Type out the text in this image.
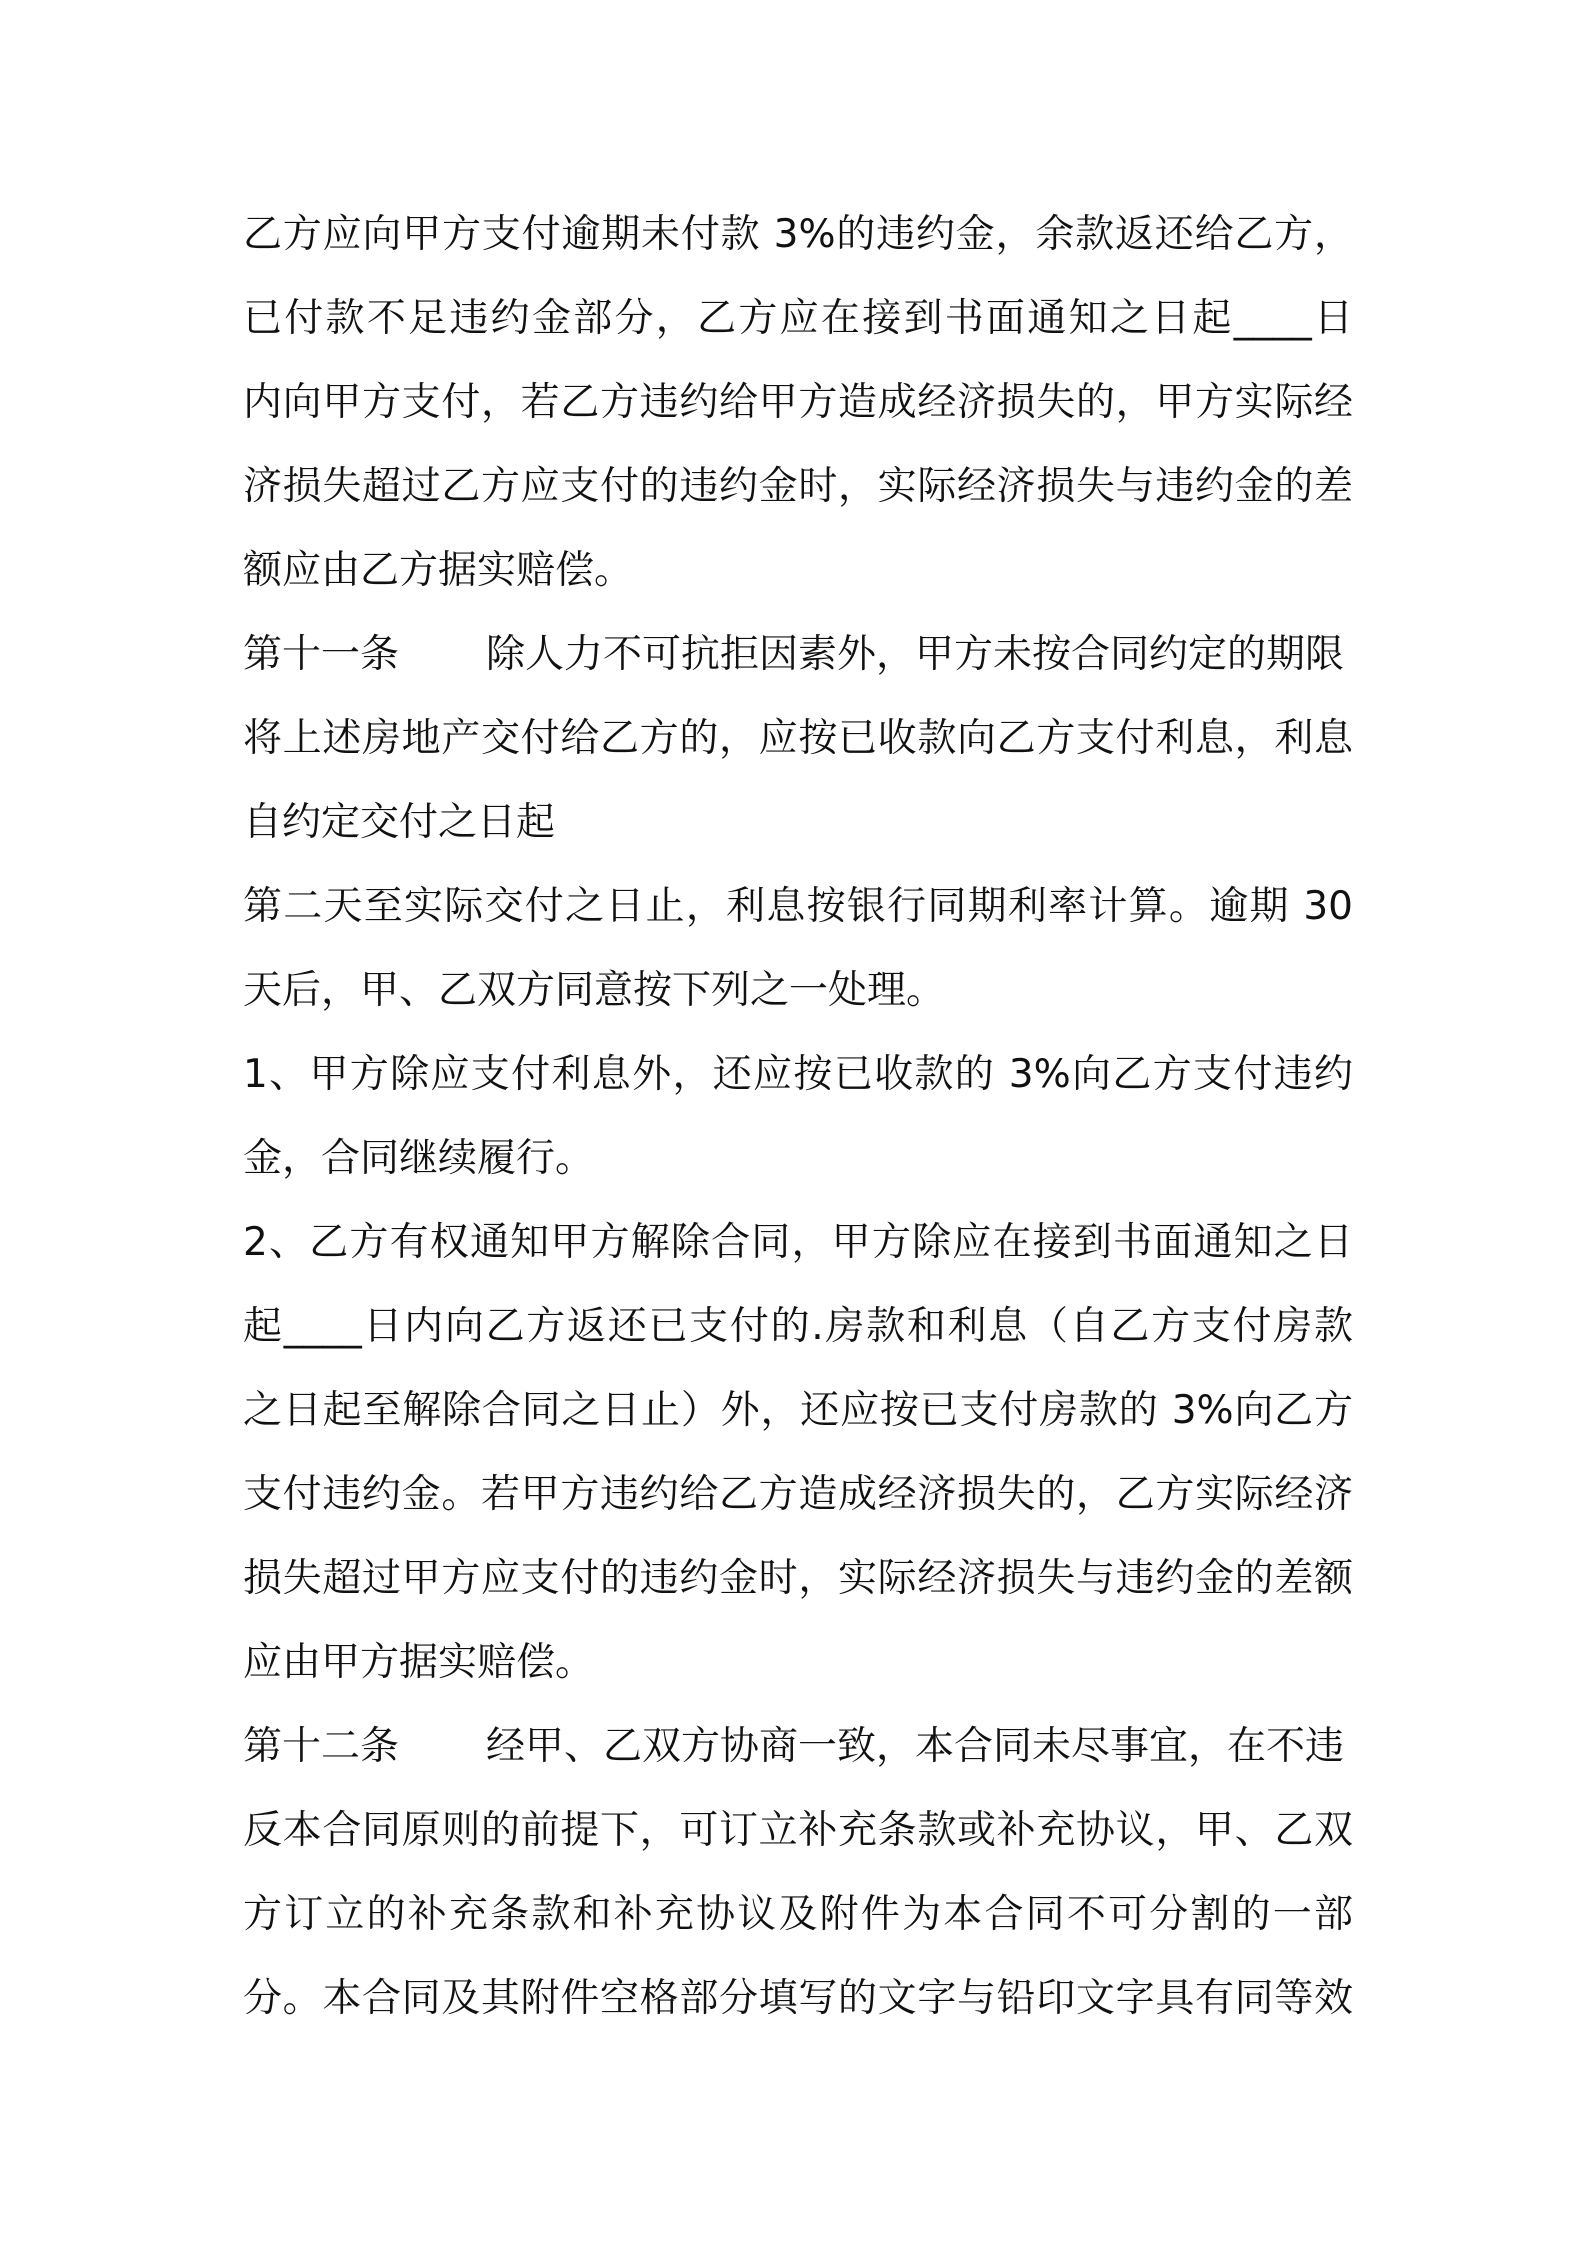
乙方应向甲方支付逾期未付款 3%的违约金，余款返还给乙方，
已付款不足违约金部分，乙方应在接到书面通知之日起____日
内向甲方支付，若乙方违约给甲方造成经济损失的，甲方实际经
济损失超过乙方应支付的违约金时，实际经济损失与违约金的差
额应由乙方据实赔偿。
第十一条 除人力不可抗拒因素外，甲方未按合同约定的期限
将上述房地产交付给乙方的，应按已收款向乙方支付利息，利息
自约定交付之日起
第二天至实际交付之日止，利息按银行同期利率计算。逾期 30
天后，甲、乙双方同意按下列之一处理。
1、甲方除应支付利息外，还应按已收款的 3%向乙方支付违约
金，合同继续履行。
2、乙方有权通知甲方解除合同，甲方除应在接到书面通知之日
起____日内向乙方返还已支付的.房款和利息（自乙方支付房款
之日起至解除合同之日止）外，还应按已支付房款的 3%向乙方
支付违约金。若甲方违约给乙方造成经济损失的，乙方实际经济
损失超过甲方应支付的违约金时，实际经济损失与违约金的差额
应由甲方据实赔偿。
第十二条 经甲、乙双方协商一致，本合同未尽事宜，在不违
反本合同原则的前提下，可订立补充条款或补充协议，甲、乙双
方订立的补充条款和补充协议及附件为本合同不可分割的一部
分。本合同及其附件空格部分填写的文字与铅印文字具有同等效
